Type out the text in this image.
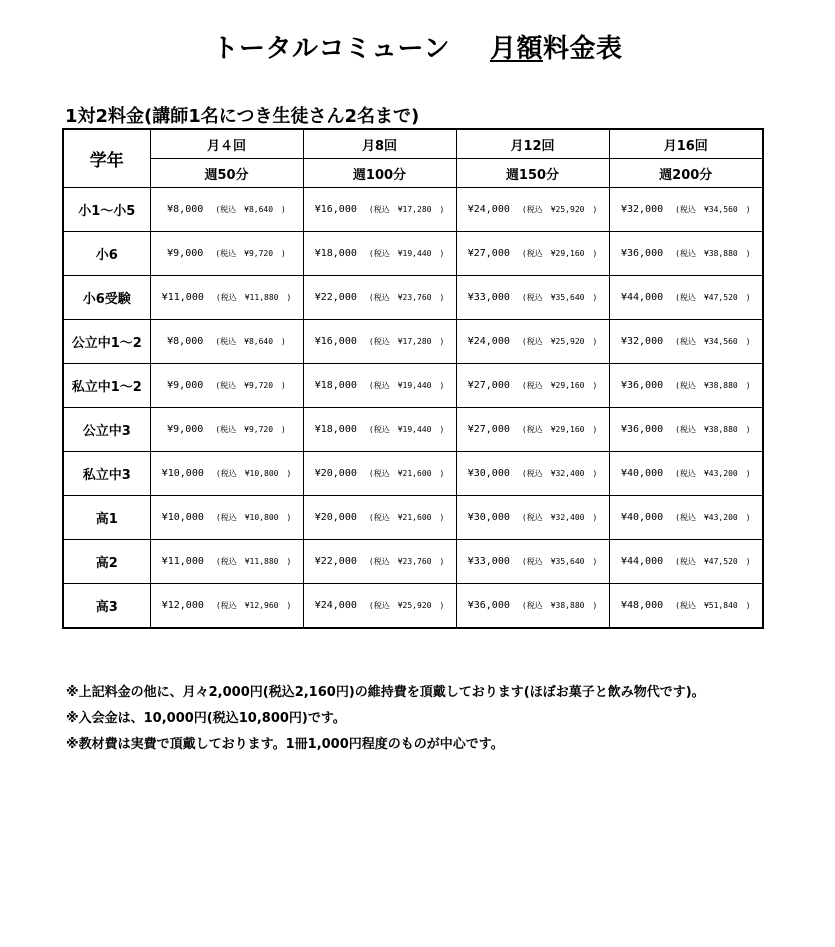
トータルコミューン 月額料金表
1対2料金(講師1名につき生徒さん2名まで)
学年	月４回	月8回	月12回	月16回
	週50分	週100分	週150分	週200分
小1～小5	¥8,000 (税込　¥8,640　)	¥16,000 (税込　¥17,280　)	¥24,000 (税込　¥25,920　)	¥32,000 (税込　¥34,560　)
小6	¥9,000 (税込　¥9,720　)	¥18,000 (税込　¥19,440　)	¥27,000 (税込　¥29,160　)	¥36,000 (税込　¥38,880　)
小6受験	¥11,000 (税込　¥11,880　)	¥22,000 (税込　¥23,760　)	¥33,000 (税込　¥35,640　)	¥44,000 (税込　¥47,520　)
公立中1～2	¥8,000 (税込　¥8,640　)	¥16,000 (税込　¥17,280　)	¥24,000 (税込　¥25,920　)	¥32,000 (税込　¥34,560　)
私立中1～2	¥9,000 (税込　¥9,720　)	¥18,000 (税込　¥19,440　)	¥27,000 (税込　¥29,160　)	¥36,000 (税込　¥38,880　)
公立中3	¥9,000 (税込　¥9,720　)	¥18,000 (税込　¥19,440　)	¥27,000 (税込　¥29,160　)	¥36,000 (税込　¥38,880　)
私立中3	¥10,000 (税込　¥10,800　)	¥20,000 (税込　¥21,600　)	¥30,000 (税込　¥32,400　)	¥40,000 (税込　¥43,200　)
高1	¥10,000 (税込　¥10,800　)	¥20,000 (税込　¥21,600　)	¥30,000 (税込　¥32,400　)	¥40,000 (税込　¥43,200　)
高2	¥11,000 (税込　¥11,880　)	¥22,000 (税込　¥23,760　)	¥33,000 (税込　¥35,640　)	¥44,000 (税込　¥47,520　)
高3	¥12,000 (税込　¥12,960　)	¥24,000 (税込　¥25,920　)	¥36,000 (税込　¥38,880　)	¥48,000 (税込　¥51,840　)
※上記料金の他に、月々2,000円(税込2,160円)の維持費を頂戴しております(ほぼお菓子と飲み物代です)。
※入会金は、10,000円(税込10,800円)です。
※教材費は実費で頂戴しております。1冊1,000円程度のものが中心です。
